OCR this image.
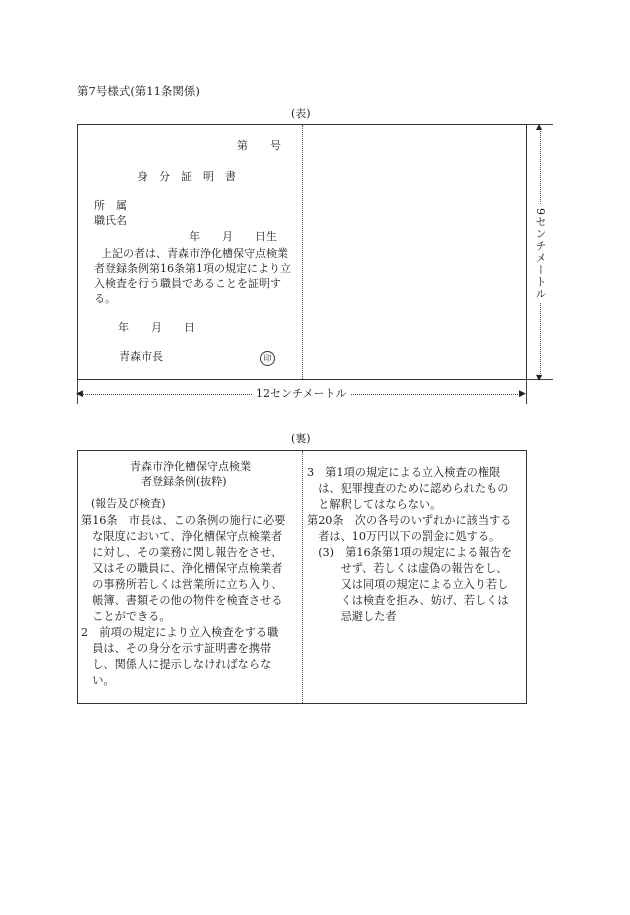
第7号様式(第11条関係)
(表)
第　　号
身　分　証　明　書
所　属
職氏名
年　　月　　日生
上記の者は、青森市浄化槽保守点検業
者登録条例第16条第1項の規定により立
入検査を行う職員であることを証明す
る。
年　　月　　日
青森市長	印
▲
▼
9センチメートル
◀	▶
12センチメートル
(裏)
青森市浄化槽保守点検業
者登録条例(抜粋)
(報告及び検査)
第16条　市長は、この条例の施行に必要
　な限度において、浄化槽保守点検業者
　に対し、その業務に関し報告をさせ、
　又はその職員に、浄化槽保守点検業者
　の事務所若しくは営業所に立ち入り、
　帳簿、書類その他の物件を検査させる
　ことができる。
2　前項の規定により立入検査をする職
　員は、その身分を示す証明書を携帯
　し、関係人に提示しなければならな
　い。
3　第1項の規定による立入検査の権限
　は、犯罪捜査のために認められたもの
　と解釈してはならない。
第20条　次の各号のいずれかに該当する
　者は、10万円以下の罰金に処する。
　(3)　第16条第1項の規定による報告を
　　　せず、若しくは虚偽の報告をし、
　　　又は同項の規定による立入り若し
　　　くは検査を拒み、妨げ、若しくは
　　　忌避した者
